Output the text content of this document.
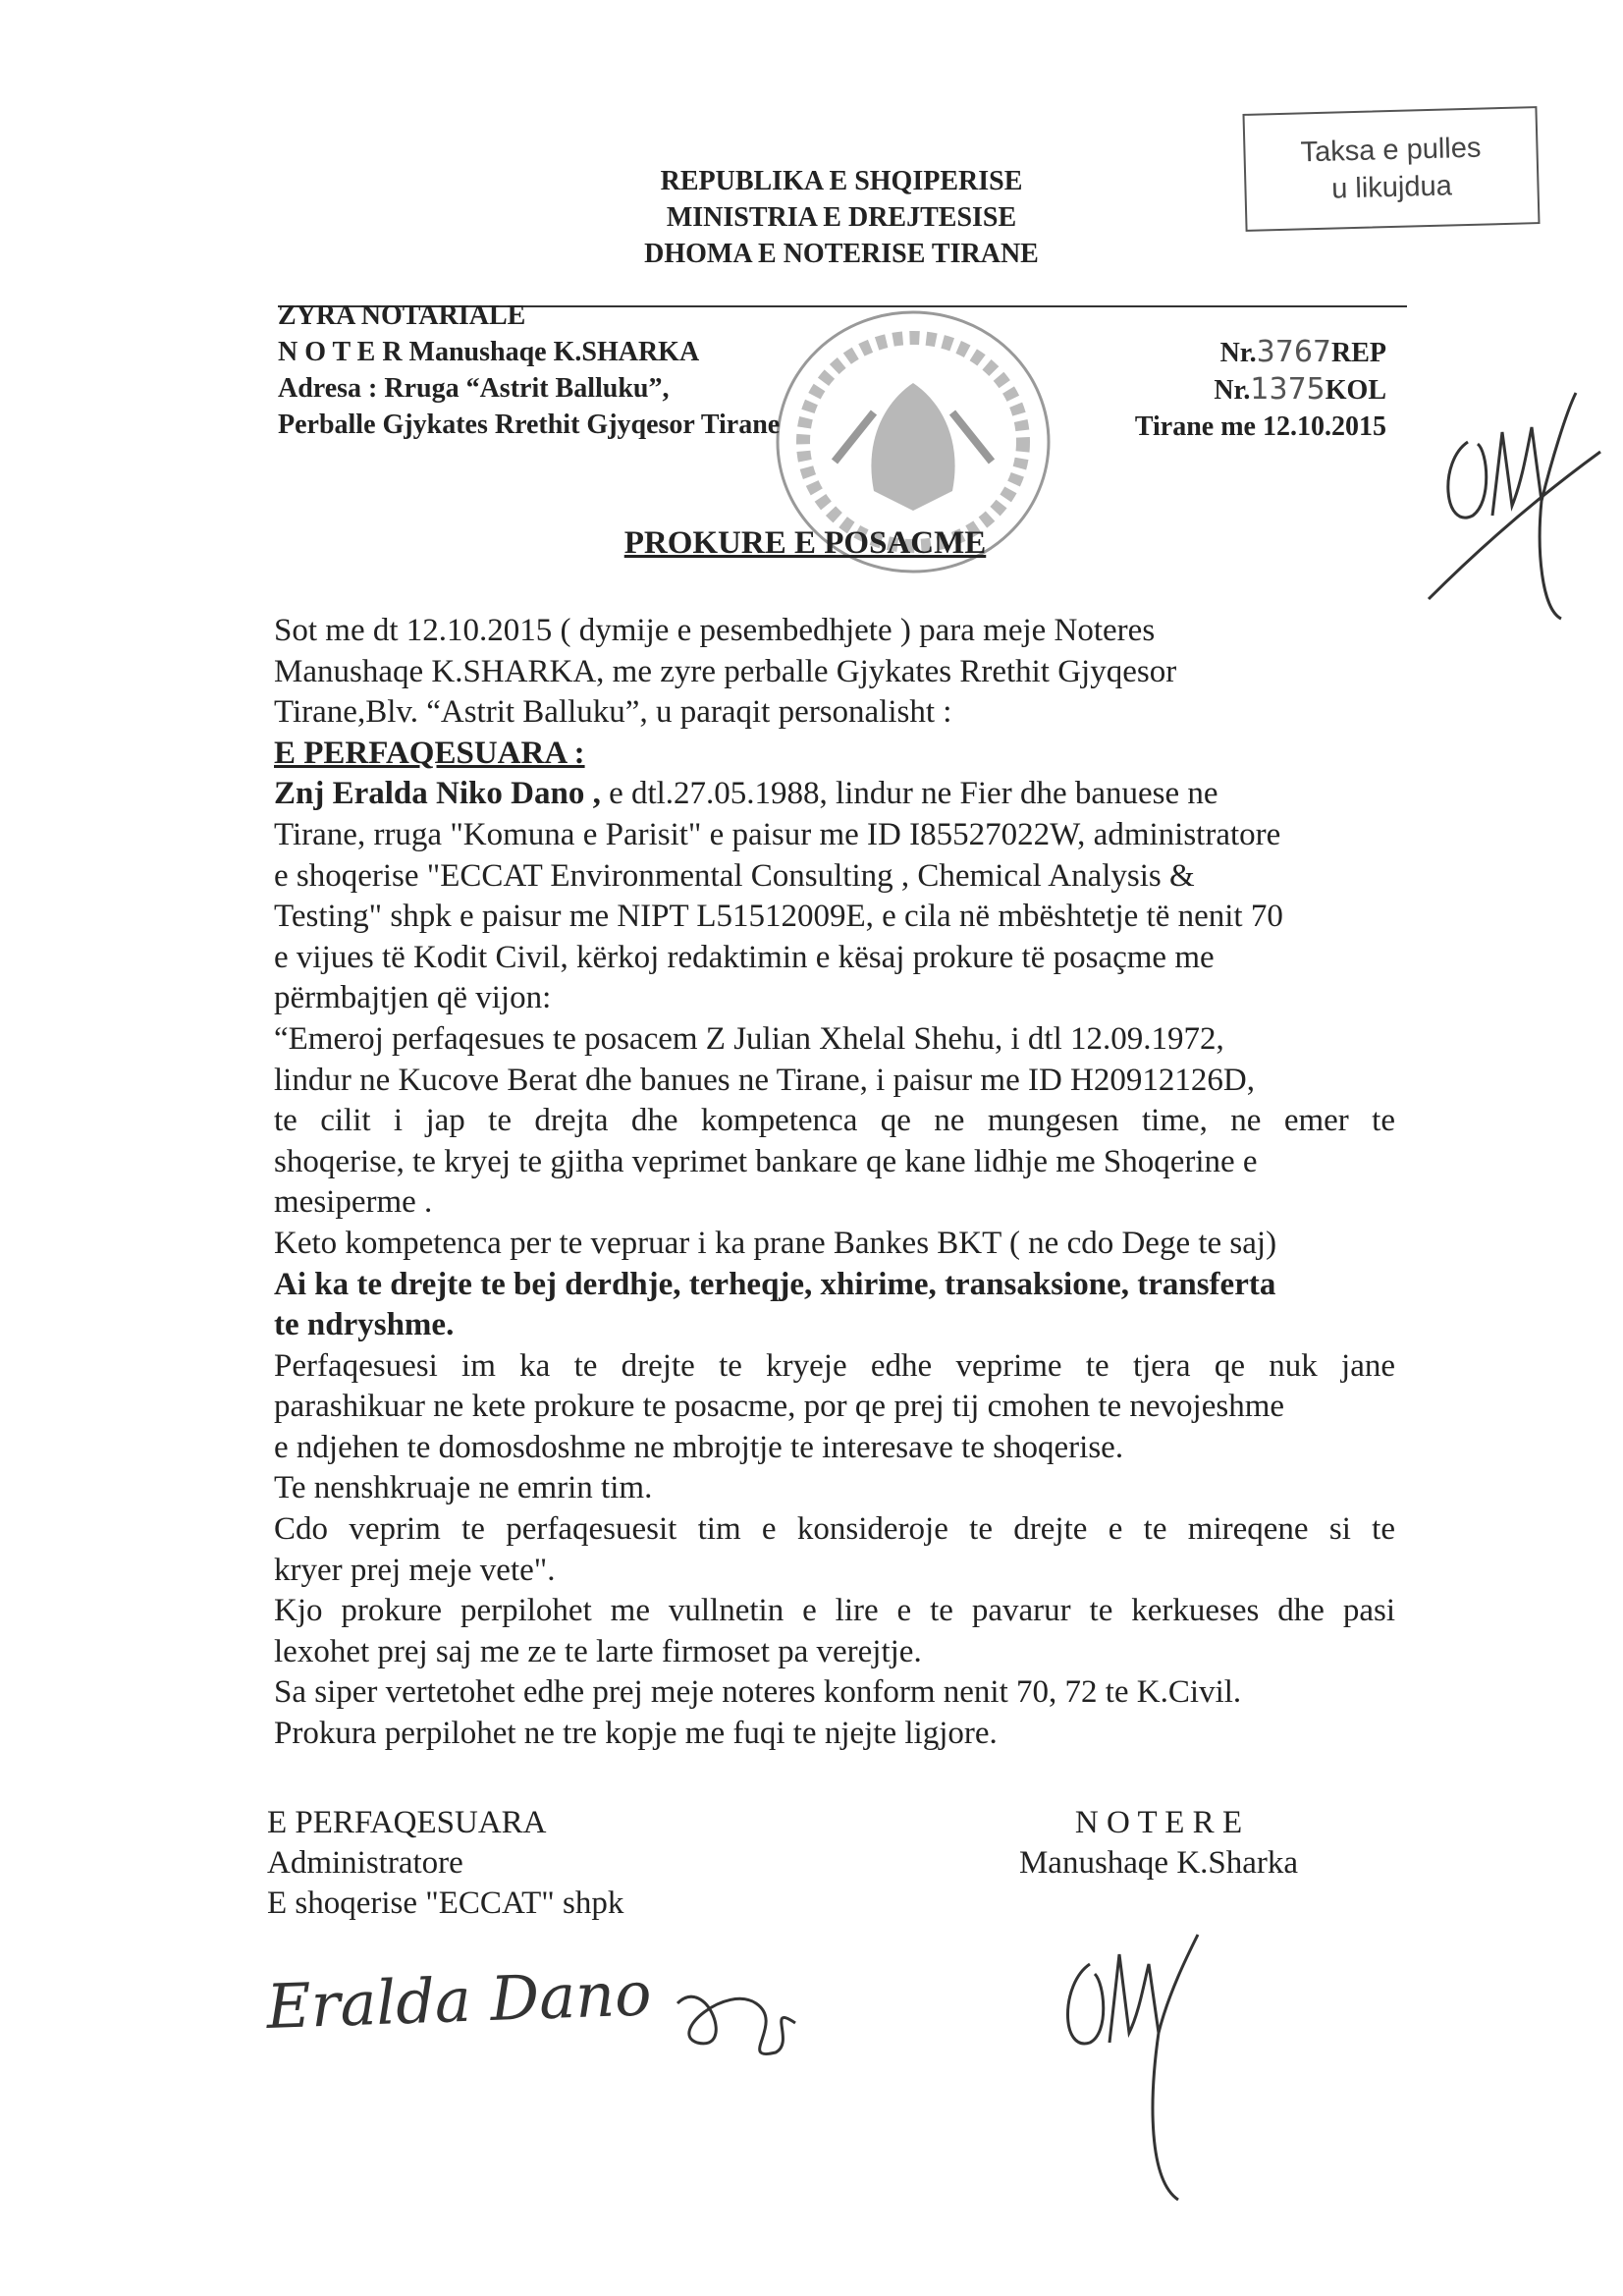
REPUBLIKA E SHQIPERISE
MINISTRIA E DREJTESISE
DHOMA E NOTERISE TIRANE
Taksa e pulles
u likujdua
ZYRA NOTARIALE
N O T E R Manushaqe K.SHARKA
Adresa : Rruga “Astrit Balluku”,
Perballe Gjykates Rrethit Gjyqesor Tirane
Nr.3767REP
Nr.1375KOL
Tirane me 12.10.2015
PROKURE E POSACME
Sot me dt 12.10.2015 ( dymije e pesembedhjete ) para meje Noteres
Manushaqe K.SHARKA, me zyre perballe Gjykates Rrethit Gjyqesor
Tirane,Blv. “Astrit Balluku”, u paraqit personalisht :
E PERFAQESUARA :
Znj Eralda Niko Dano , e dtl.27.05.1988, lindur ne Fier dhe banuese ne
Tirane, rruga "Komuna e Parisit" e paisur me ID I85527022W, administratore
e shoqerise "ECCAT Environmental Consulting , Chemical Analysis &
Testing" shpk e paisur me NIPT L51512009E, e cila në mbështetje të nenit 70
e vijues të Kodit Civil, kërkoj redaktimin e kësaj prokure të posaçme me
përmbajtjen që vijon:
“Emeroj perfaqesues te posacem Z Julian Xhelal Shehu, i dtl 12.09.1972,
lindur ne Kucove Berat dhe banues ne Tirane, i paisur me ID H20912126D,
te cilit i jap te drejta dhe kompetenca qe ne mungesen time, ne emer te
shoqerise, te kryej te gjitha veprimet bankare qe kane lidhje me Shoqerine e
mesiperme .
Keto kompetenca per te vepruar i ka prane Bankes BKT ( ne cdo Dege te saj)
Ai ka te drejte te bej derdhje, terheqje, xhirime, transaksione, transferta
te ndryshme.
Perfaqesuesi im ka te drejte te kryeje edhe veprime te tjera qe nuk jane
parashikuar ne kete prokure te posacme, por qe prej tij cmohen te nevojeshme
e ndjehen te domosdoshme ne mbrojtje te interesave te shoqerise.
Te nenshkruaje ne emrin tim.
Cdo veprim te perfaqesuesit tim e konsideroje te drejte e te mireqene si te
kryer prej meje vete".
Kjo prokure perpilohet me vullnetin e lire e te pavarur te kerkueses dhe pasi
lexohet prej saj me ze te larte firmoset pa verejtje.
Sa siper vertetohet edhe prej meje noteres konform nenit 70, 72 te K.Civil.
Prokura perpilohet ne tre kopje me fuqi te njejte ligjore.
E PERFAQESUARA
Administratore
E shoqerise "ECCAT" shpk
N O T E R E
Manushaqe K.Sharka
Eralda Dano
